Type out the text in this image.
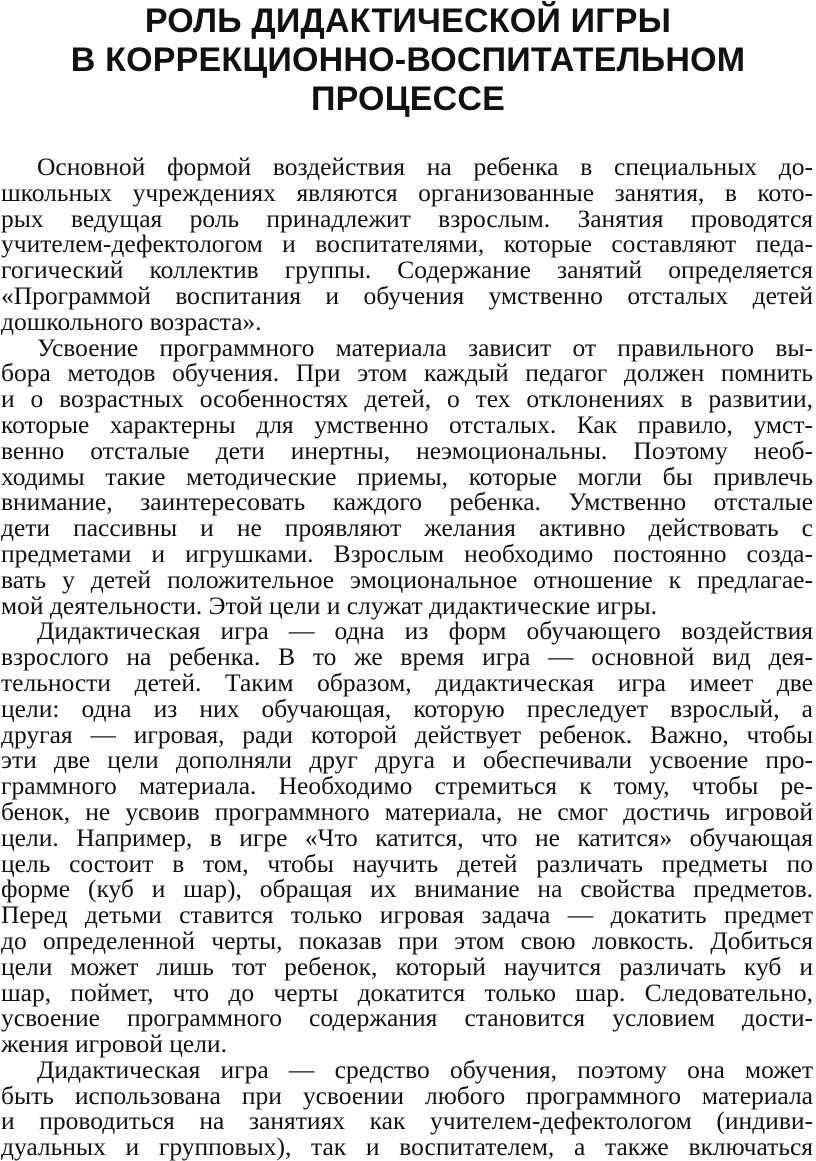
РОЛЬ ДИДАКТИЧЕСКОЙ ИГРЫ
В КОРРЕКЦИОННО-ВОСПИТАТЕЛЬНОМ
ПРОЦЕССЕ

Основной формой воздействия на ребенка в специальных до-
школьных учреждениях являются организованные занятия, в кото-
рых ведущая роль принадлежит взрослым. Занятия проводятся
учителем-дефектологом и воспитателями, которые составляют педа-
гогический коллектив группы. Содержание занятий определяется
«Программой воспитания и обучения умственно отсталых детей
дошкольного возраста».

Усвоение программного материала зависит от правильного вы-
бора методов обучения. При этом каждый педагог должен помнить
и о возрастных особенностях детей, о тех отклонениях в развитии,
которые характерны для умственно отсталых. Как правило, умст-
венно отсталые дети инертны, неэмоциональны. Поэтому необ-
ходимы такие методические приемы, которые могли бы привлечь
внимание, заинтересовать каждого ребенка. Умственно отсталые
дети пассивны и не проявляют желания активно действовать с
предметами и игрушками. Взрослым необходимо постоянно созда-
вать у детей положительное эмоциональное отношение к предлагае-
мой деятельности. Этой цели и служат дидактические игры.

Дидактическая игра — одна из форм обучающего воздействия
взрослого на ребенка. В то же время игра — основной вид дея-
тельности детей. Таким образом, дидактическая игра имеет две
цели: одна из них обучающая, которую преследует взрослый, а
другая — игровая, ради которой действует ребенок. Важно, чтобы
эти две цели дополняли друг друга и обеспечивали усвоение про-
граммного материала. Необходимо стремиться к тому, чтобы ре-
бенок, не усвоив программного материала, не смог достичь игровой
цели. Например, в игре «Что катится, что не катится» обучающая
цель состоит в том, чтобы научить детей различать предметы по
форме (куб и шар), обращая их внимание на свойства предметов.
Перед детьми ставится только игровая задача — докатить предмет
до определенной черты, показав при этом свою ловкость. Добиться
цели может лишь тот ребенок, который научится различать куб и
шар, поймет, что до черты докатится только шар. Следовательно,
усвоение программного содержания становится условием дости-
жения игровой цели.

Дидактическая игра — средство обучения, поэтому она может
быть использована при усвоении любого программного материала
и проводиться на занятиях как учителем-дефектологом (индиви-
дуальных и групповых), так и воспитателем, а также включаться
